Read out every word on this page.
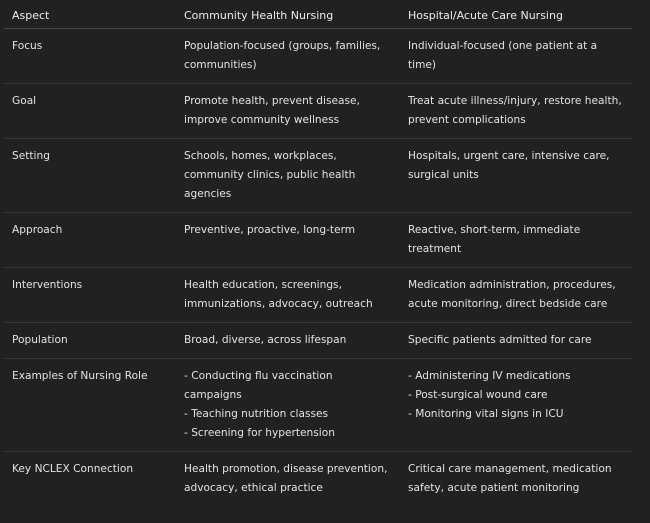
Aspect	Community Health Nursing	Hospital/Acute Care Nursing
Focus	Population-focused (groups, families, communities)	Individual-focused (one patient at a time)

Goal	Promote health, prevent disease, improve community wellness	Treat acute illness/injury, restore health, prevent complications

Setting	Schools, homes, workplaces, community clinics, public health agencies	Hospitals, urgent care, intensive care, surgical units

Approach	Preventive, proactive, long-term	Reactive, short-term, immediate treatment

Interventions	Health education, screenings, immunizations, advocacy, outreach	Medication administration, procedures, acute monitoring, direct bedside care

Population	Broad, diverse, across lifespan	Specific patients admitted for care

Examples of Nursing Role	- Conducting flu vaccination campaigns
- Teaching nutrition classes
- Screening for hypertension	- Administering IV medications
- Post-surgical wound care
- Monitoring vital signs in ICU

Key NCLEX Connection	Health promotion, disease prevention, advocacy, ethical practice	Critical care management, medication safety, acute patient monitoring
